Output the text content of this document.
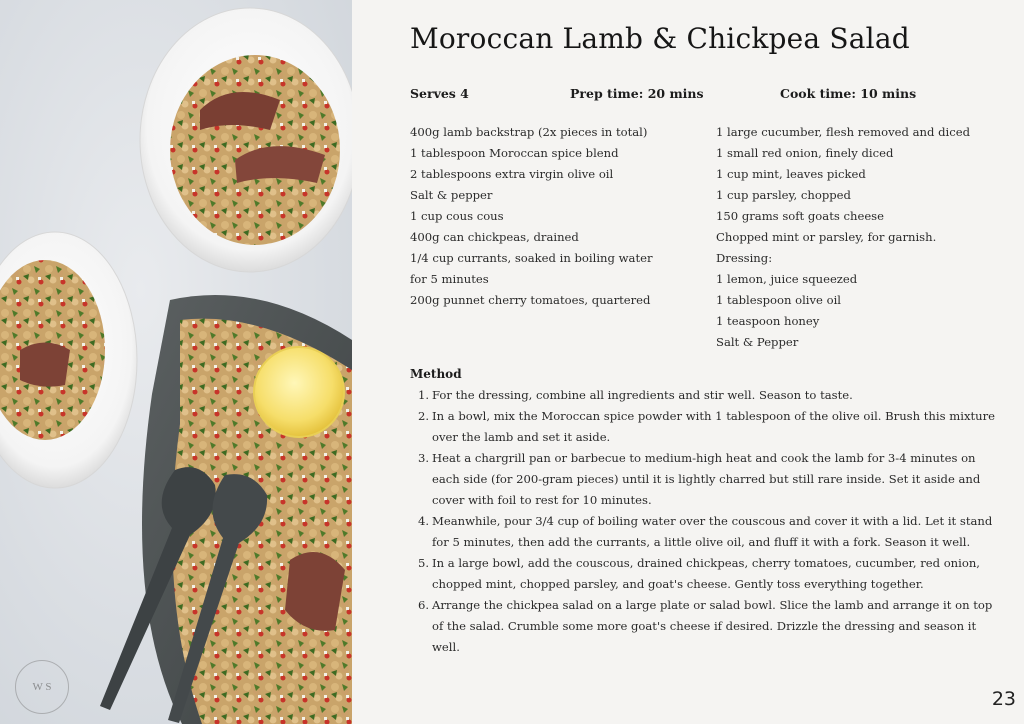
W S
Moroccan Lamb & Chickpea Salad
Serves 4	Prep time: 20 mins	Cook time: 10 mins
400g lamb backstrap (2x pieces in total)
1 tablespoon Moroccan spice blend
2 tablespoons extra virgin olive oil
Salt & pepper
1 cup cous cous
400g can chickpeas, drained
1/4 cup currants, soaked in boiling water
for 5 minutes
200g punnet cherry tomatoes, quartered
1 large cucumber, flesh removed and diced
1 small red onion, finely diced
1 cup mint, leaves picked
1 cup parsley, chopped
150 grams soft goats cheese
Chopped mint or parsley, for garnish.
Dressing:
1 lemon, juice squeezed
1 tablespoon olive oil
1 teaspoon honey
Salt & Pepper
Method
1. For the dressing, combine all ingredients and stir well. Season to taste.
2. In a bowl, mix the Moroccan spice powder with 1 tablespoon of the olive oil. Brush this mixture over the lamb and set it aside.
3. Heat a chargrill pan or barbecue to medium-high heat and cook the lamb for 3-4 minutes on each side (for 200-gram pieces) until it is lightly charred but still rare inside. Set it aside and cover with foil to rest for 10 minutes.
4. Meanwhile, pour 3/4 cup of boiling water over the couscous and cover it with a lid. Let it stand for 5 minutes, then add the currants, a little olive oil, and fluff it with a fork. Season it well.
5. In a large bowl, add the couscous, drained chickpeas, cherry tomatoes, cucumber, red onion, chopped mint, chopped parsley, and goat's cheese. Gently toss everything together.
6. Arrange the chickpea salad on a large plate or salad bowl. Slice the lamb and arrange it on top of the salad. Crumble some more goat's cheese if desired. Drizzle the dressing and season it well.
23
